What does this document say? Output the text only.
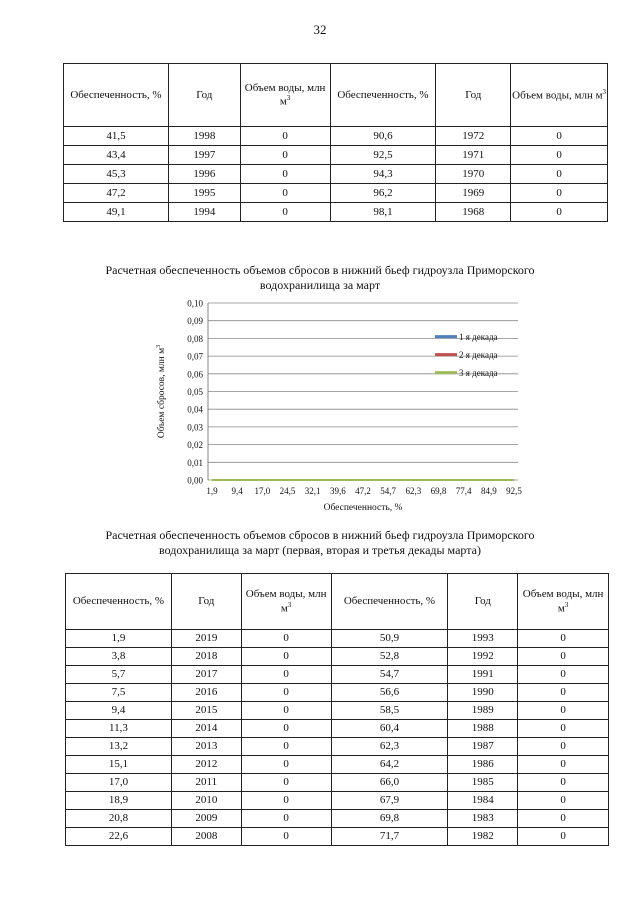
32
Обеспеченность, %	Год	Объем воды, млн $м^3$	Обеспеченность, %	Год	Объем воды, млн $м^3$
41,5	1998	0	90,6	1972	0
43,4	1997	0	92,5	1971	0
45,3	1996	0	94,3	1970	0
47,2	1995	0	96,2	1969	0
49,1	1994	0	98,1	1968	0
Расчетная обеспеченность объемов сбросов в нижний бьеф гидроузла Приморского
водохранилища за март
0,00
0,01
0,02
0,03
0,04
0,05
0,06
0,07
0,08
0,09
0,10
1,9 9,4 17,0 24,5 32,1 39,6 47,2 54,7 62,3 69,8 77,4 84,9 92,5
1 я декада
2 я декада
3 я декада
Обеспеченность, %
Объем сбросов, млн $м^3$
Расчетная обеспеченность объемов сбросов в нижний бьеф гидроузла Приморского
водохранилища за март (первая, вторая и третья декады марта)
Обеспеченность, %	Год	Объем воды, млн $м^3$	Обеспеченность, %	Год	Объем воды, млн $м^3$
1,9	2019	0	50,9	1993	0
3,8	2018	0	52,8	1992	0
5,7	2017	0	54,7	1991	0
7,5	2016	0	56,6	1990	0
9,4	2015	0	58,5	1989	0
11,3	2014	0	60,4	1988	0
13,2	2013	0	62,3	1987	0
15,1	2012	0	64,2	1986	0
17,0	2011	0	66,0	1985	0
18,9	2010	0	67,9	1984	0
20,8	2009	0	69,8	1983	0
22,6	2008	0	71,7	1982	0
